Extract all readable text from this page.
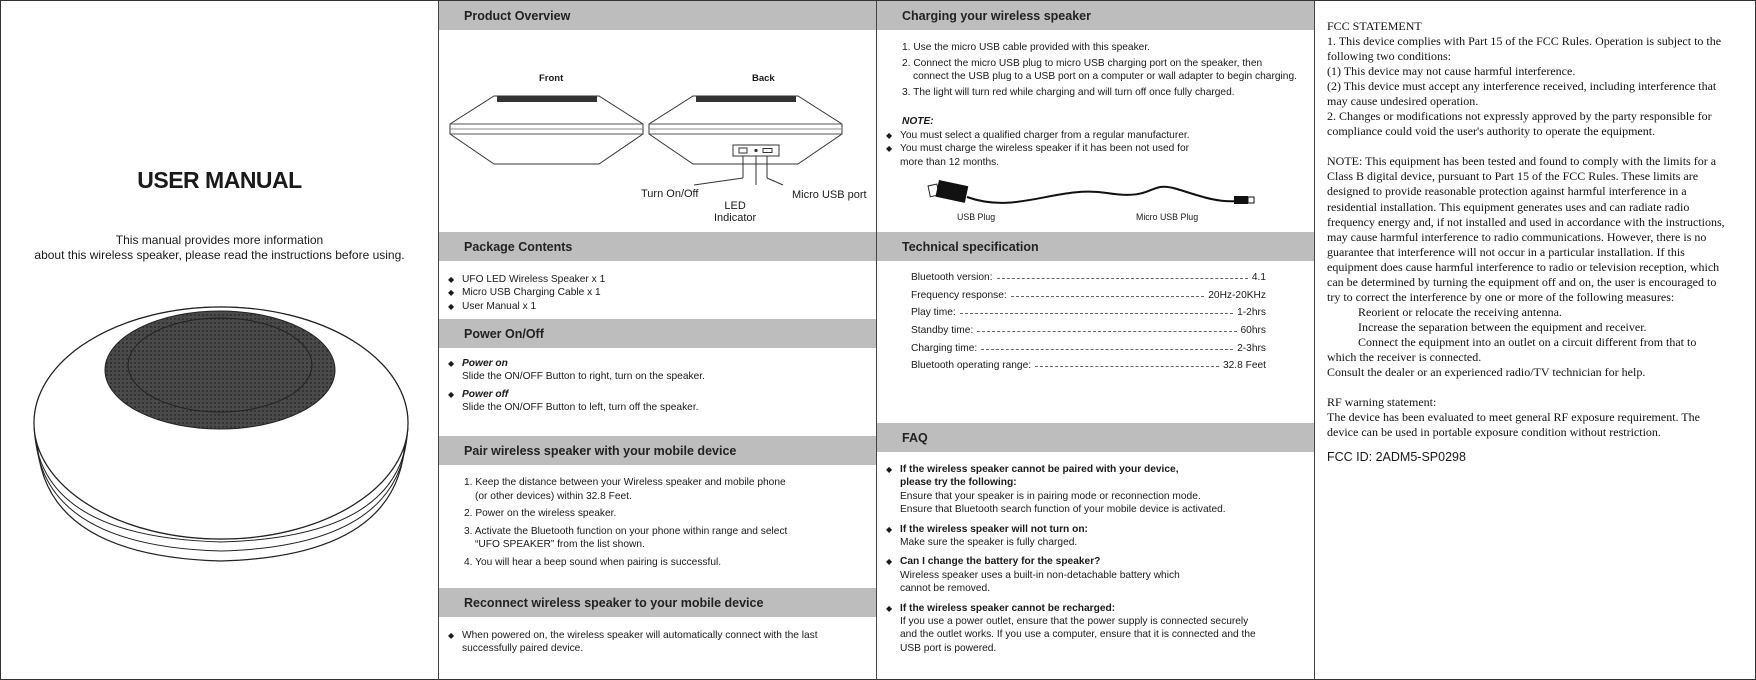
USER MANUAL
This manual provides more information
about this wireless speaker, please read the instructions before using.
Product Overview
Front	Back
Turn On/Off
LED
Indicator
Micro USB port
Package Contents
◆ UFO LED Wireless Speaker x 1
◆ Micro USB Charging Cable x 1
◆ User Manual x 1
Power On/Off
◆ Power on
Slide the ON/OFF Button to right, turn on the speaker.
◆ Power off
Slide the ON/OFF Button to left, turn off the speaker.
Pair wireless speaker with your mobile device
1. Keep the distance between your Wireless speaker and mobile phone
(or other devices) within 32.8 Feet.
2. Power on the wireless speaker.
3. Activate the Bluetooth function on your phone within range and select
“UFO SPEAKER” from the list shown.
4. You will hear a beep sound when pairing is successful.
Reconnect wireless speaker to your mobile device
◆ When powered on, the wireless speaker will automatically connect with the last
successfully paired device.
Charging your wireless speaker
1. Use the micro USB cable provided with this speaker.
2. Connect the micro USB plug to micro USB charging port on the speaker, then
connect the USB plug to a USB port on a computer or wall adapter to begin charging.
3. The light will turn red while charging and will turn off once fully charged.
NOTE:
◆ You must select a qualified charger from a regular manufacturer.
◆ You must charge the wireless speaker if it has been not used for
more than 12 months.
USB Plug	Micro USB Plug
Technical specification
Bluetooth version:	4.1
Frequency response:	20Hz-20KHz
Play time:	1-2hrs
Standby time:	60hrs
Charging time:	2-3hrs
Bluetooth operating range:	32.8 Feet
FAQ
◆ If the wireless speaker cannot be paired with your device,
please try the following:
Ensure that your speaker is in pairing mode or reconnection mode.
Ensure that Bluetooth search function of your mobile device is activated.
◆ If the wireless speaker will not turn on:
Make sure the speaker is fully charged.
◆ Can I change the battery for the speaker?
Wireless speaker uses a built-in non-detachable battery which
cannot be removed.
◆ If the wireless speaker cannot be recharged:
If you use a power outlet, ensure that the power supply is connected securely
and the outlet works. If you use a computer, ensure that it is connected and the
USB port is powered.

FCC STATEMENT

1. This device complies with Part 15 of the FCC Rules. Operation is subject to the

following two conditions:

(1) This device may not cause harmful interference.

(2) This device must accept any interference received, including interference that

may cause undesired operation.

2. Changes or modifications not expressly approved by the party responsible for

compliance could void the user's authority to operate the equipment.

NOTE: This equipment has been tested and found to comply with the limits for a

Class B digital device, pursuant to Part 15 of the FCC Rules. These limits are

designed to provide reasonable protection against harmful interference in a

residential installation. This equipment generates uses and can radiate radio

frequency energy and, if not installed and used in accordance with the instructions,

may cause harmful interference to radio communications. However, there is no

guarantee that interference will not occur in a particular installation. If this

equipment does cause harmful interference to radio or television reception, which

can be determined by turning the equipment off and on, the user is encouraged to

try to correct the interference by one or more of the following measures:

Reorient or relocate the receiving antenna.

Increase the separation between the equipment and receiver.

Connect the equipment into an outlet on a circuit different from that to

which the receiver is connected.

Consult the dealer or an experienced radio/TV technician for help.

RF warning statement:

The device has been evaluated to meet general RF exposure requirement. The

device can be used in portable exposure condition without restriction.

FCC ID: 2ADM5-SP0298
